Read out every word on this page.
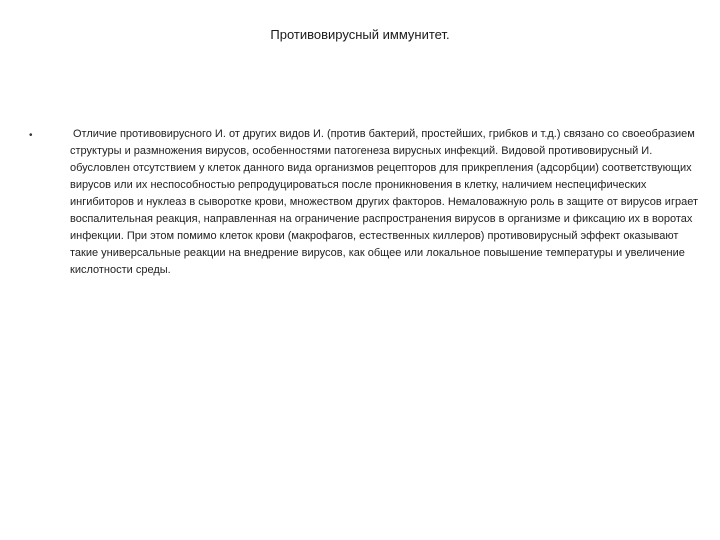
Противовирусный иммунитет.
•	Отличие противовирусного И. от других видов И. (против бактерий, простейших, грибков и т.д.) связано со своеобразием структуры и размножения вирусов, особенностями патогенеза вирусных инфекций. Видовой противовирусный И. обусловлен отсутствием у клеток данного вида организмов рецепторов для прикрепления (адсорбции) соответствующих вирусов или их неспособностью репродуцироваться после проникновения в клетку, наличием неспецифических ингибиторов и нуклеаз в сыворотке крови, множеством других факторов. Немаловажную роль в защите от вирусов играет воспалительная реакция, направленная на ограничение распространения вирусов в организме и фиксацию их в воротах инфекции. При этом помимо клеток крови (макрофагов, естественных киллеров) противовирусный эффект оказывают такие универсальные реакции на внедрение вирусов, как общее или локальное повышение температуры и увеличение кислотности среды.
